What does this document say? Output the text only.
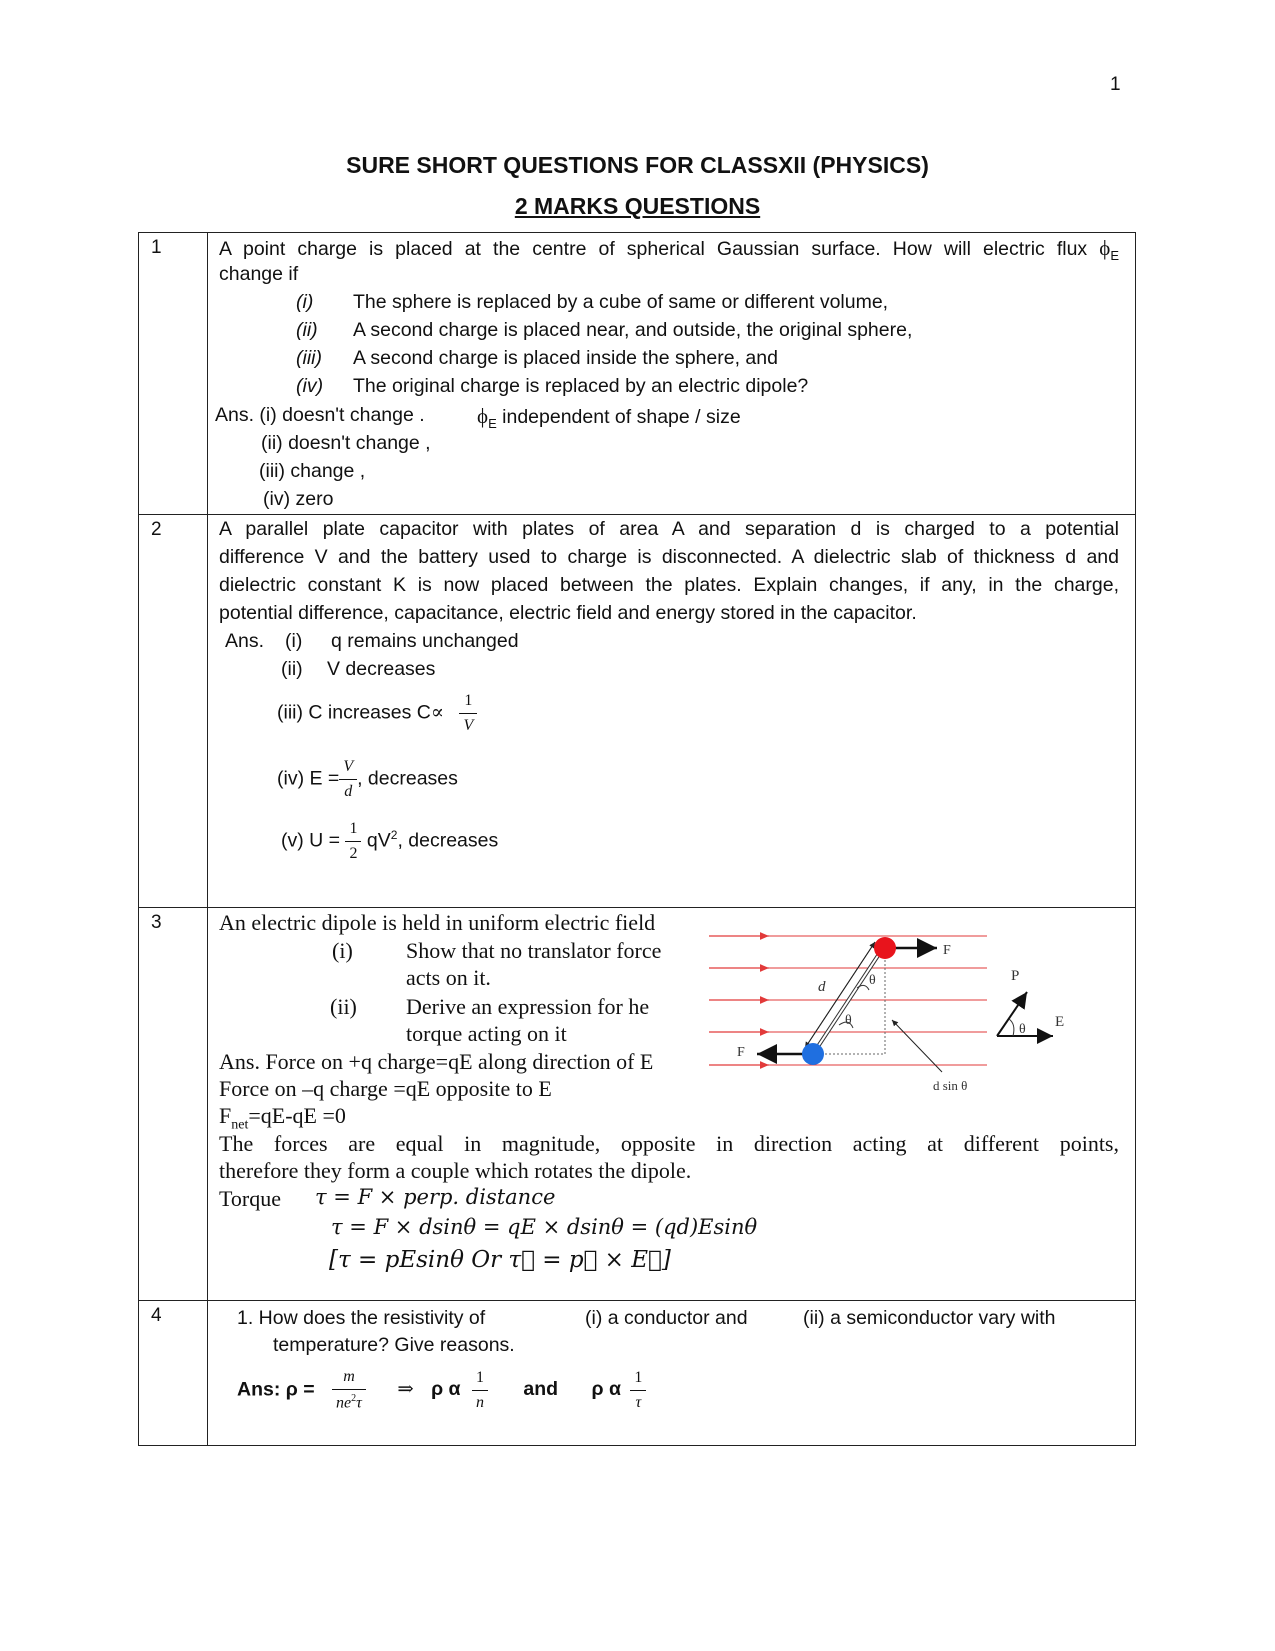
1
SURE SHORT QUESTIONS FOR CLASSXII (PHYSICS)
2 MARKS QUESTIONS
1	A point charge is placed at the centre of spherical Gaussian surface. How will electric flux $\phi_E$
change if
(i) The sphere is replaced by a cube of same or different volume,
(ii) A second charge is placed near, and outside, the original sphere,
(iii) A second charge is placed inside the sphere, and
(iv) The original charge is replaced by an electric dipole?
Ans. (i) doesn't change . $\phi_E$ independent of shape / size
(ii) doesn't change ,
(iii) change ,
(iv) zero
2	A parallel plate capacitor with plates of area A and separation d is charged to a potential
difference V and the battery used to charge is disconnected. A dielectric slab of thickness d and
dielectric constant K is now placed between the plates. Explain changes, if any, in the charge,
potential difference, capacitance, electric field and energy stored in the capacitor.
Ans. (i) q remains unchanged
(ii) V decreases
(iii) C increases $C\propto \frac{1}{V}$
(iv) $E = \frac{V}{d}$ , decreases
(v) $U = \frac{1}{2} qV^2$, decreases
3	An electric dipole is held in uniform electric field
(i) Show that no translator force
acts on it.
(ii) Derive an expression for he
torque acting on it
Ans. Force on +q charge=qE along direction of E
Force on –q charge =qE opposite to E
$F_{net}=qE-qE =0$
The forces are equal in magnitude, opposite in direction acting at different points,
therefore they form a couple which rotates the dipole.
Torque τ = F × perp. distance
τ = F × dsinθ = qE × dsinθ = (qd)Esinθ
[τ = pEsinθ Or τ⃗ = p⃗ × E⃗]
F
F
d	θ
θ
d sin θ
P
θ E
4	1. How does the resistivity of	(i) a conductor and	(ii) a semiconductor vary with
temperature? Give reasons.
Ans: $\rho = \frac{m}{ne^2\tau}$ ⇒ ρ α $\frac{1}{n}$ and ρ α $\frac{1}{\tau}$
